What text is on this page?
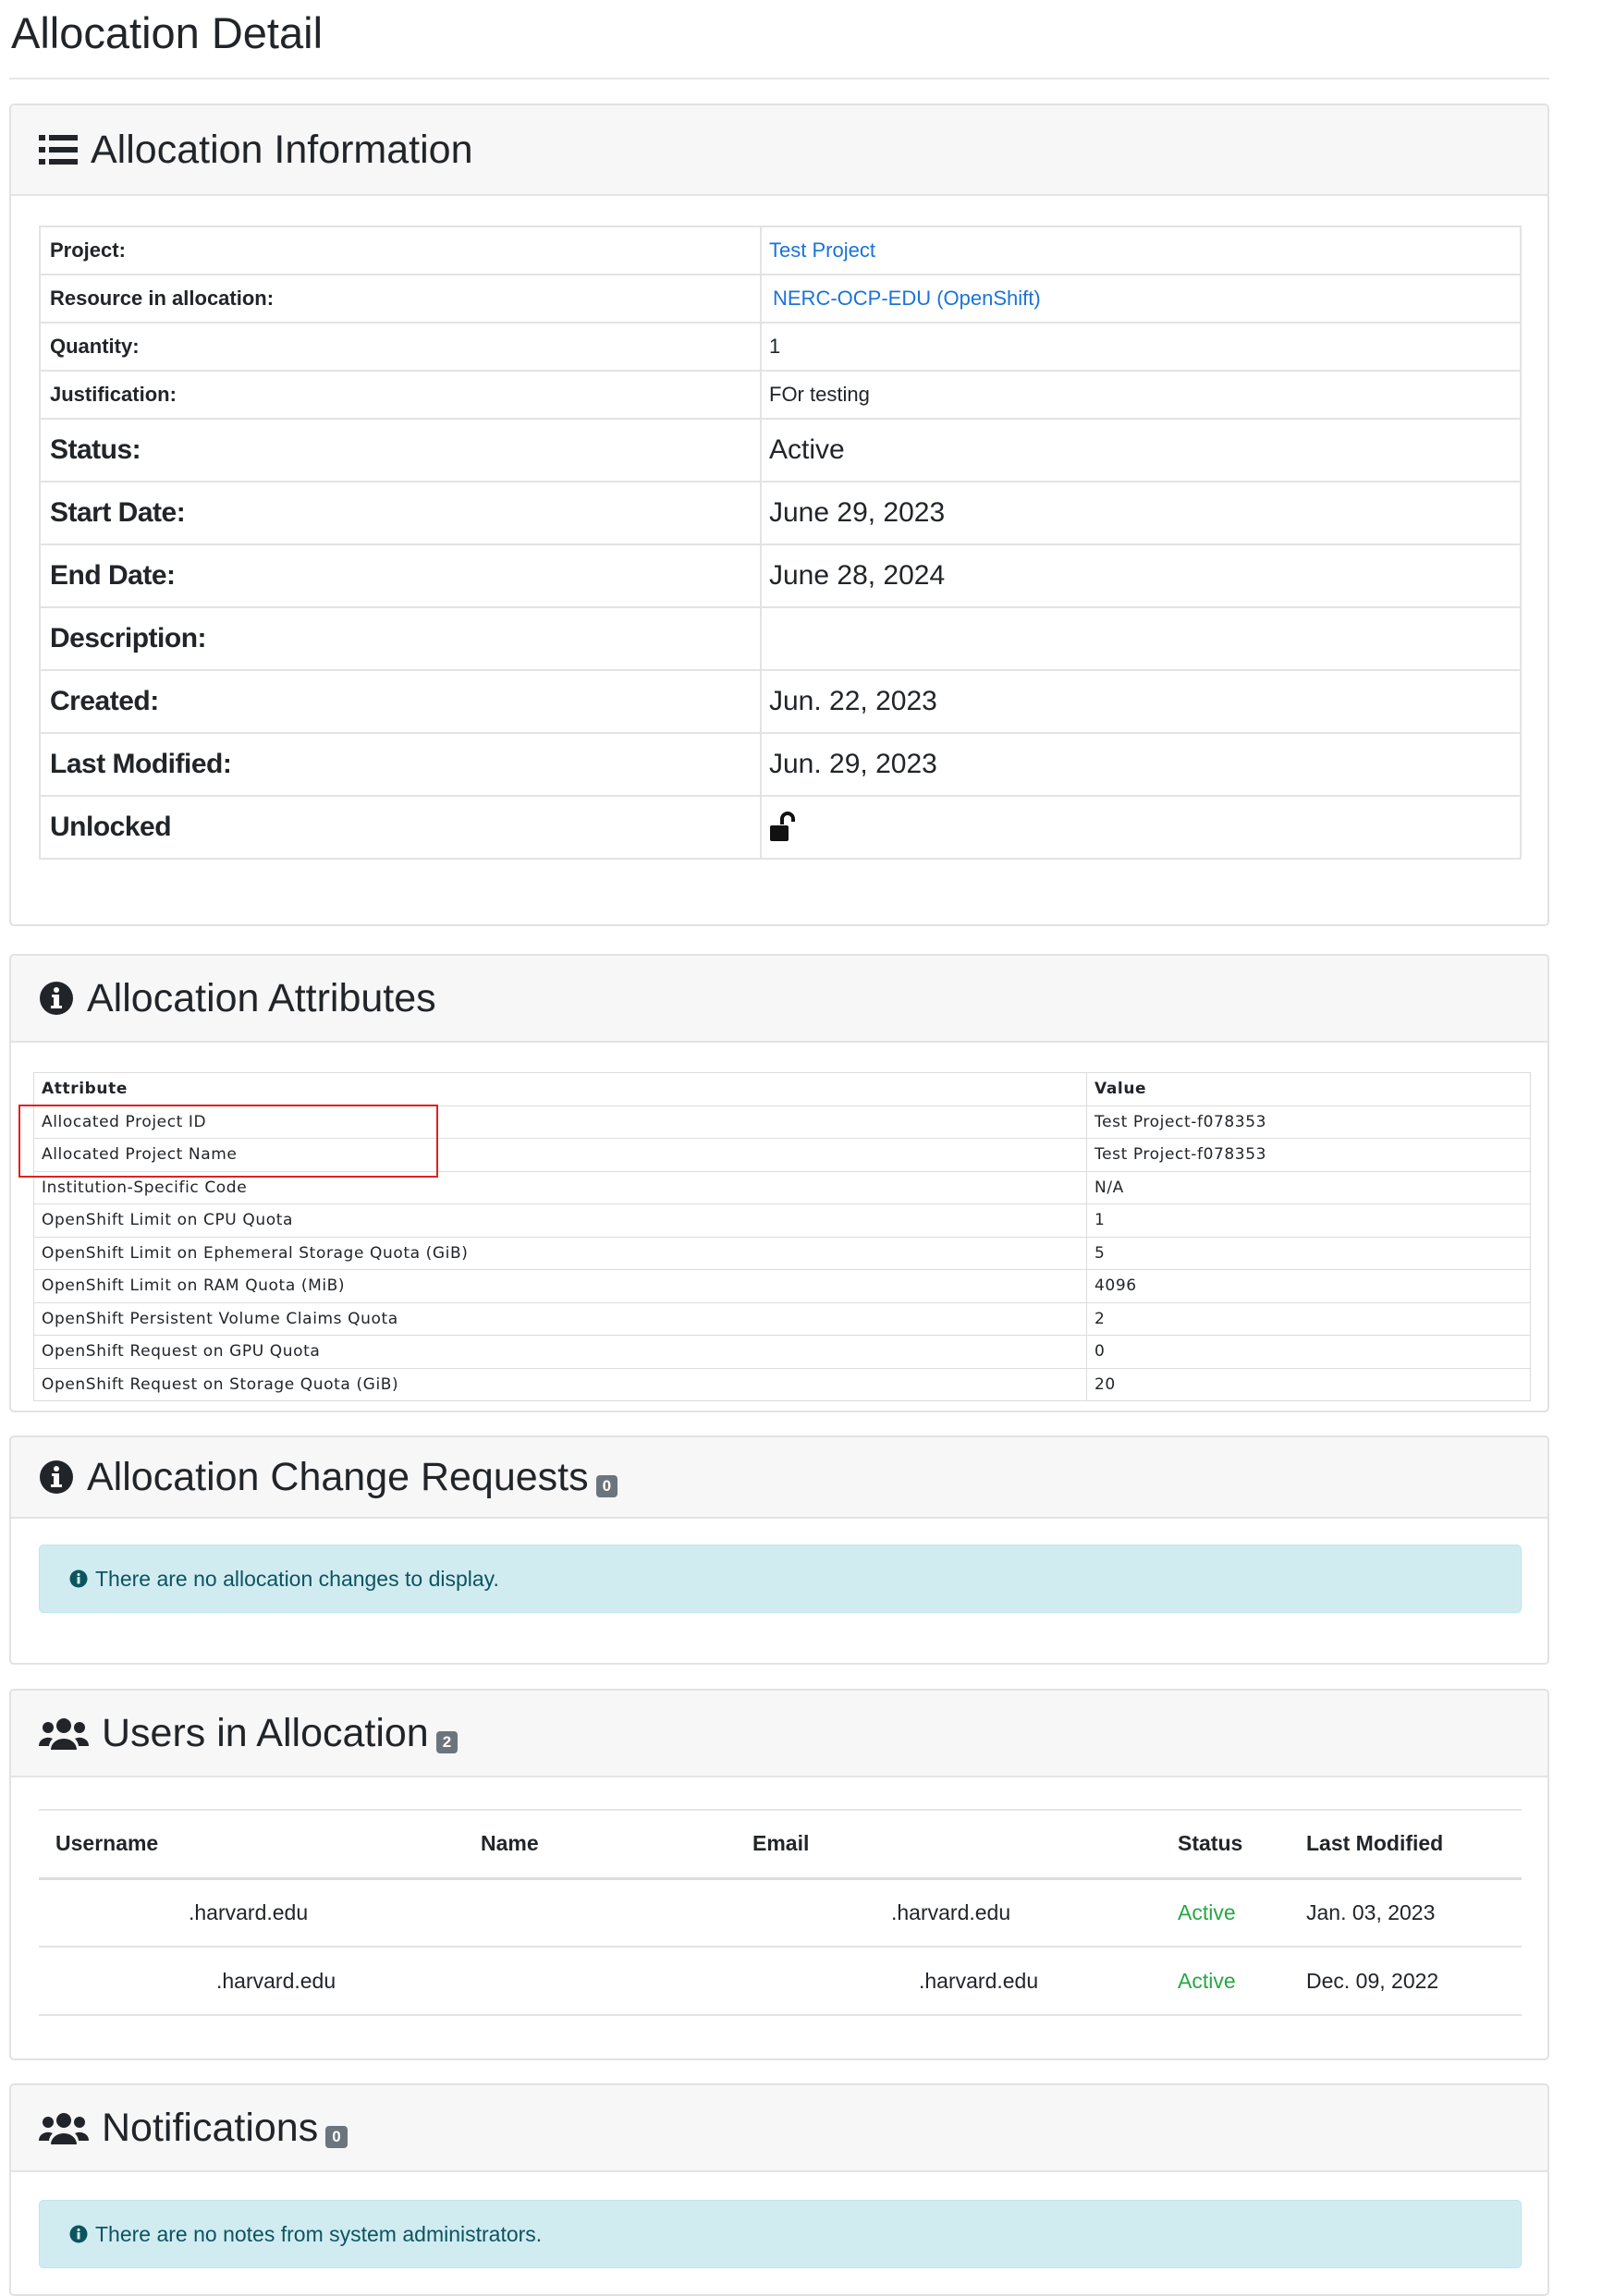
Allocation Detail
Allocation Information
Project:	Test Project
Resource in allocation:	NERC-OCP-EDU (OpenShift)
Quantity:	1
Justification:	FOr testing
Status:	Active
Start Date:	June 29, 2023
End Date:	June 28, 2024
Description:	
Created:	Jun. 22, 2023
Last Modified:	Jun. 29, 2023
Unlocked	
Allocation Attributes
Attribute	Value
Allocated Project ID	Test Project-f078353
Allocated Project Name	Test Project-f078353
Institution-Specific Code	N/A
OpenShift Limit on CPU Quota	1
OpenShift Limit on Ephemeral Storage Quota (GiB)	5
OpenShift Limit on RAM Quota (MiB)	4096
OpenShift Persistent Volume Claims Quota	2
OpenShift Request on GPU Quota	0
OpenShift Request on Storage Quota (GiB)	20
Allocation Change Requests 0
There are no allocation changes to display.
Users in Allocation 2
Username	Name	Email	Status	Last Modified
.harvard.edu		.harvard.edu	Active	Jan. 03, 2023
.harvard.edu		.harvard.edu	Active	Dec. 09, 2022
Notifications 0
There are no notes from system administrators.
